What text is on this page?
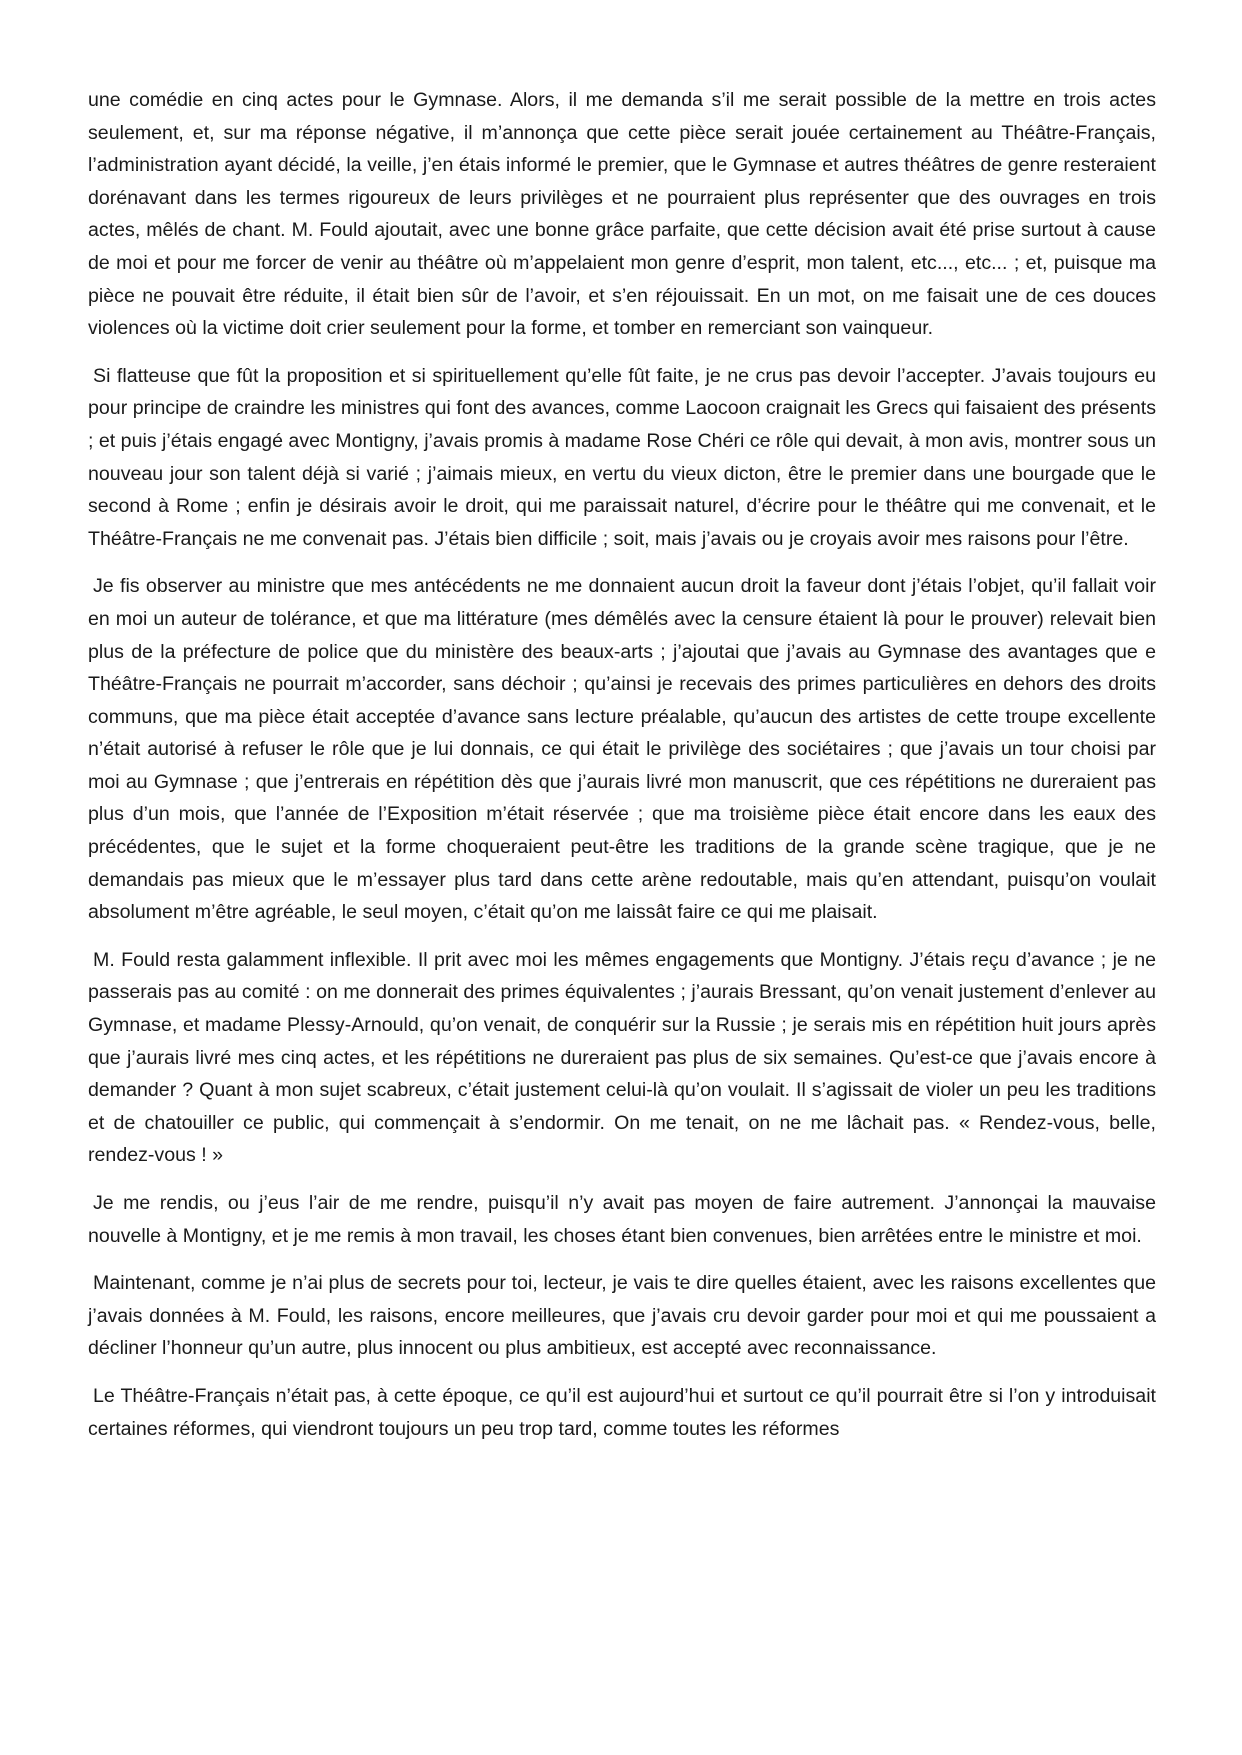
une comédie en cinq actes pour le Gymnase. Alors, il me demanda s’il me serait possible de la mettre en trois actes seulement, et, sur ma réponse négative, il m’annonça que cette pièce serait jouée certainement au Théâtre-Français, l’administration ayant décidé, la veille, j’en étais informé le premier, que le Gymnase et autres théâtres de genre resteraient dorénavant dans les termes rigoureux de leurs privilèges et ne pourraient plus représenter que des ouvrages en trois actes, mêlés de chant. M. Fould ajoutait, avec une bonne grâce parfaite, que cette décision avait été prise surtout à cause de moi et pour me forcer de venir au théâtre où m’appelaient mon genre d’esprit, mon talent, etc..., etc... ; et, puisque ma pièce ne pouvait être réduite, il était bien sûr de l’avoir, et s’en réjouissait. En un mot, on me faisait une de ces douces violences où la victime doit crier seulement pour la forme, et tomber en remerciant son vainqueur.

Si flatteuse que fût la proposition et si spirituellement qu’elle fût faite, je ne crus pas devoir l’accepter. J’avais toujours eu pour principe de craindre les ministres qui font des avances, comme Laocoon craignait les Grecs qui faisaient des présents ; et puis j’étais engagé avec Montigny, j’avais promis à madame Rose Chéri ce rôle qui devait, à mon avis, montrer sous un nouveau jour son talent déjà si varié ; j’aimais mieux, en vertu du vieux dicton, être le premier dans une bourgade que le second à Rome ; enfin je désirais avoir le droit, qui me paraissait naturel, d’écrire pour le théâtre qui me convenait, et le Théâtre-Français ne me convenait pas. J’étais bien difficile ; soit, mais j’avais ou je croyais avoir mes raisons pour l’être.

Je fis observer au ministre que mes antécédents ne me donnaient aucun droit la faveur dont j’étais l’objet, qu’il fallait voir en moi un auteur de tolérance, et que ma littérature (mes démêlés avec la censure étaient là pour le prouver) relevait bien plus de la préfecture de police que du ministère des beaux-arts ; j’ajoutai que j’avais au Gymnase des avantages que e Théâtre-Français ne pourrait m’accorder, sans déchoir ; qu’ainsi je recevais des primes particulières en dehors des droits communs, que ma pièce était acceptée d’avance sans lecture préalable, qu’aucun des artistes de cette troupe excellente n’était autorisé à refuser le rôle que je lui donnais, ce qui était le privilège des sociétaires ; que j’avais un tour choisi par moi au Gymnase ; que j’entrerais en répétition dès que j’aurais livré mon manuscrit, que ces répétitions ne dureraient pas plus d’un mois, que l’année de l’Exposition m’était réservée ; que ma troisième pièce était encore dans les eaux des précédentes, que le sujet et la forme choqueraient peut-être les traditions de la grande scène tragique, que je ne demandais pas mieux que le m’essayer plus tard dans cette arène redoutable, mais qu’en attendant, puisqu’on voulait absolument m’être agréable, le seul moyen, c’était qu’on me laissât faire ce qui me plaisait.

M. Fould resta galamment inflexible. Il prit avec moi les mêmes engagements que Montigny. J’étais reçu d’avance ; je ne passerais pas au comité : on me donnerait des primes équivalentes ; j’aurais Bressant, qu’on venait justement d’enlever au Gymnase, et madame Plessy-Arnould, qu’on venait, de conquérir sur la Russie ; je serais mis en répétition huit jours après que j’aurais livré mes cinq actes, et les répétitions ne dureraient pas plus de six semaines. Qu’est-ce que j’avais encore à demander ? Quant à mon sujet scabreux, c’était justement celui-là qu’on voulait. Il s’agissait de violer un peu les traditions et de chatouiller ce public, qui commençait à s’endormir. On me tenait, on ne me lâchait pas. « Rendez-vous, belle, rendez-vous ! »

Je me rendis, ou j’eus l’air de me rendre, puisqu’il n’y avait pas moyen de faire autrement. J’annonçai la mauvaise nouvelle à Montigny, et je me remis à mon travail, les choses étant bien convenues, bien arrêtées entre le ministre et moi.

Maintenant, comme je n’ai plus de secrets pour toi, lecteur, je vais te dire quelles étaient, avec les raisons excellentes que j’avais données à M. Fould, les raisons, encore meilleures, que j’avais cru devoir garder pour moi et qui me poussaient a décliner l’honneur qu’un autre, plus innocent ou plus ambitieux, est accepté avec reconnaissance.

Le Théâtre-Français n’était pas, à cette époque, ce qu’il est aujourd’hui et surtout ce qu’il pourrait être si l’on y introduisait certaines réformes, qui viendront toujours un peu trop tard, comme toutes les réformes
